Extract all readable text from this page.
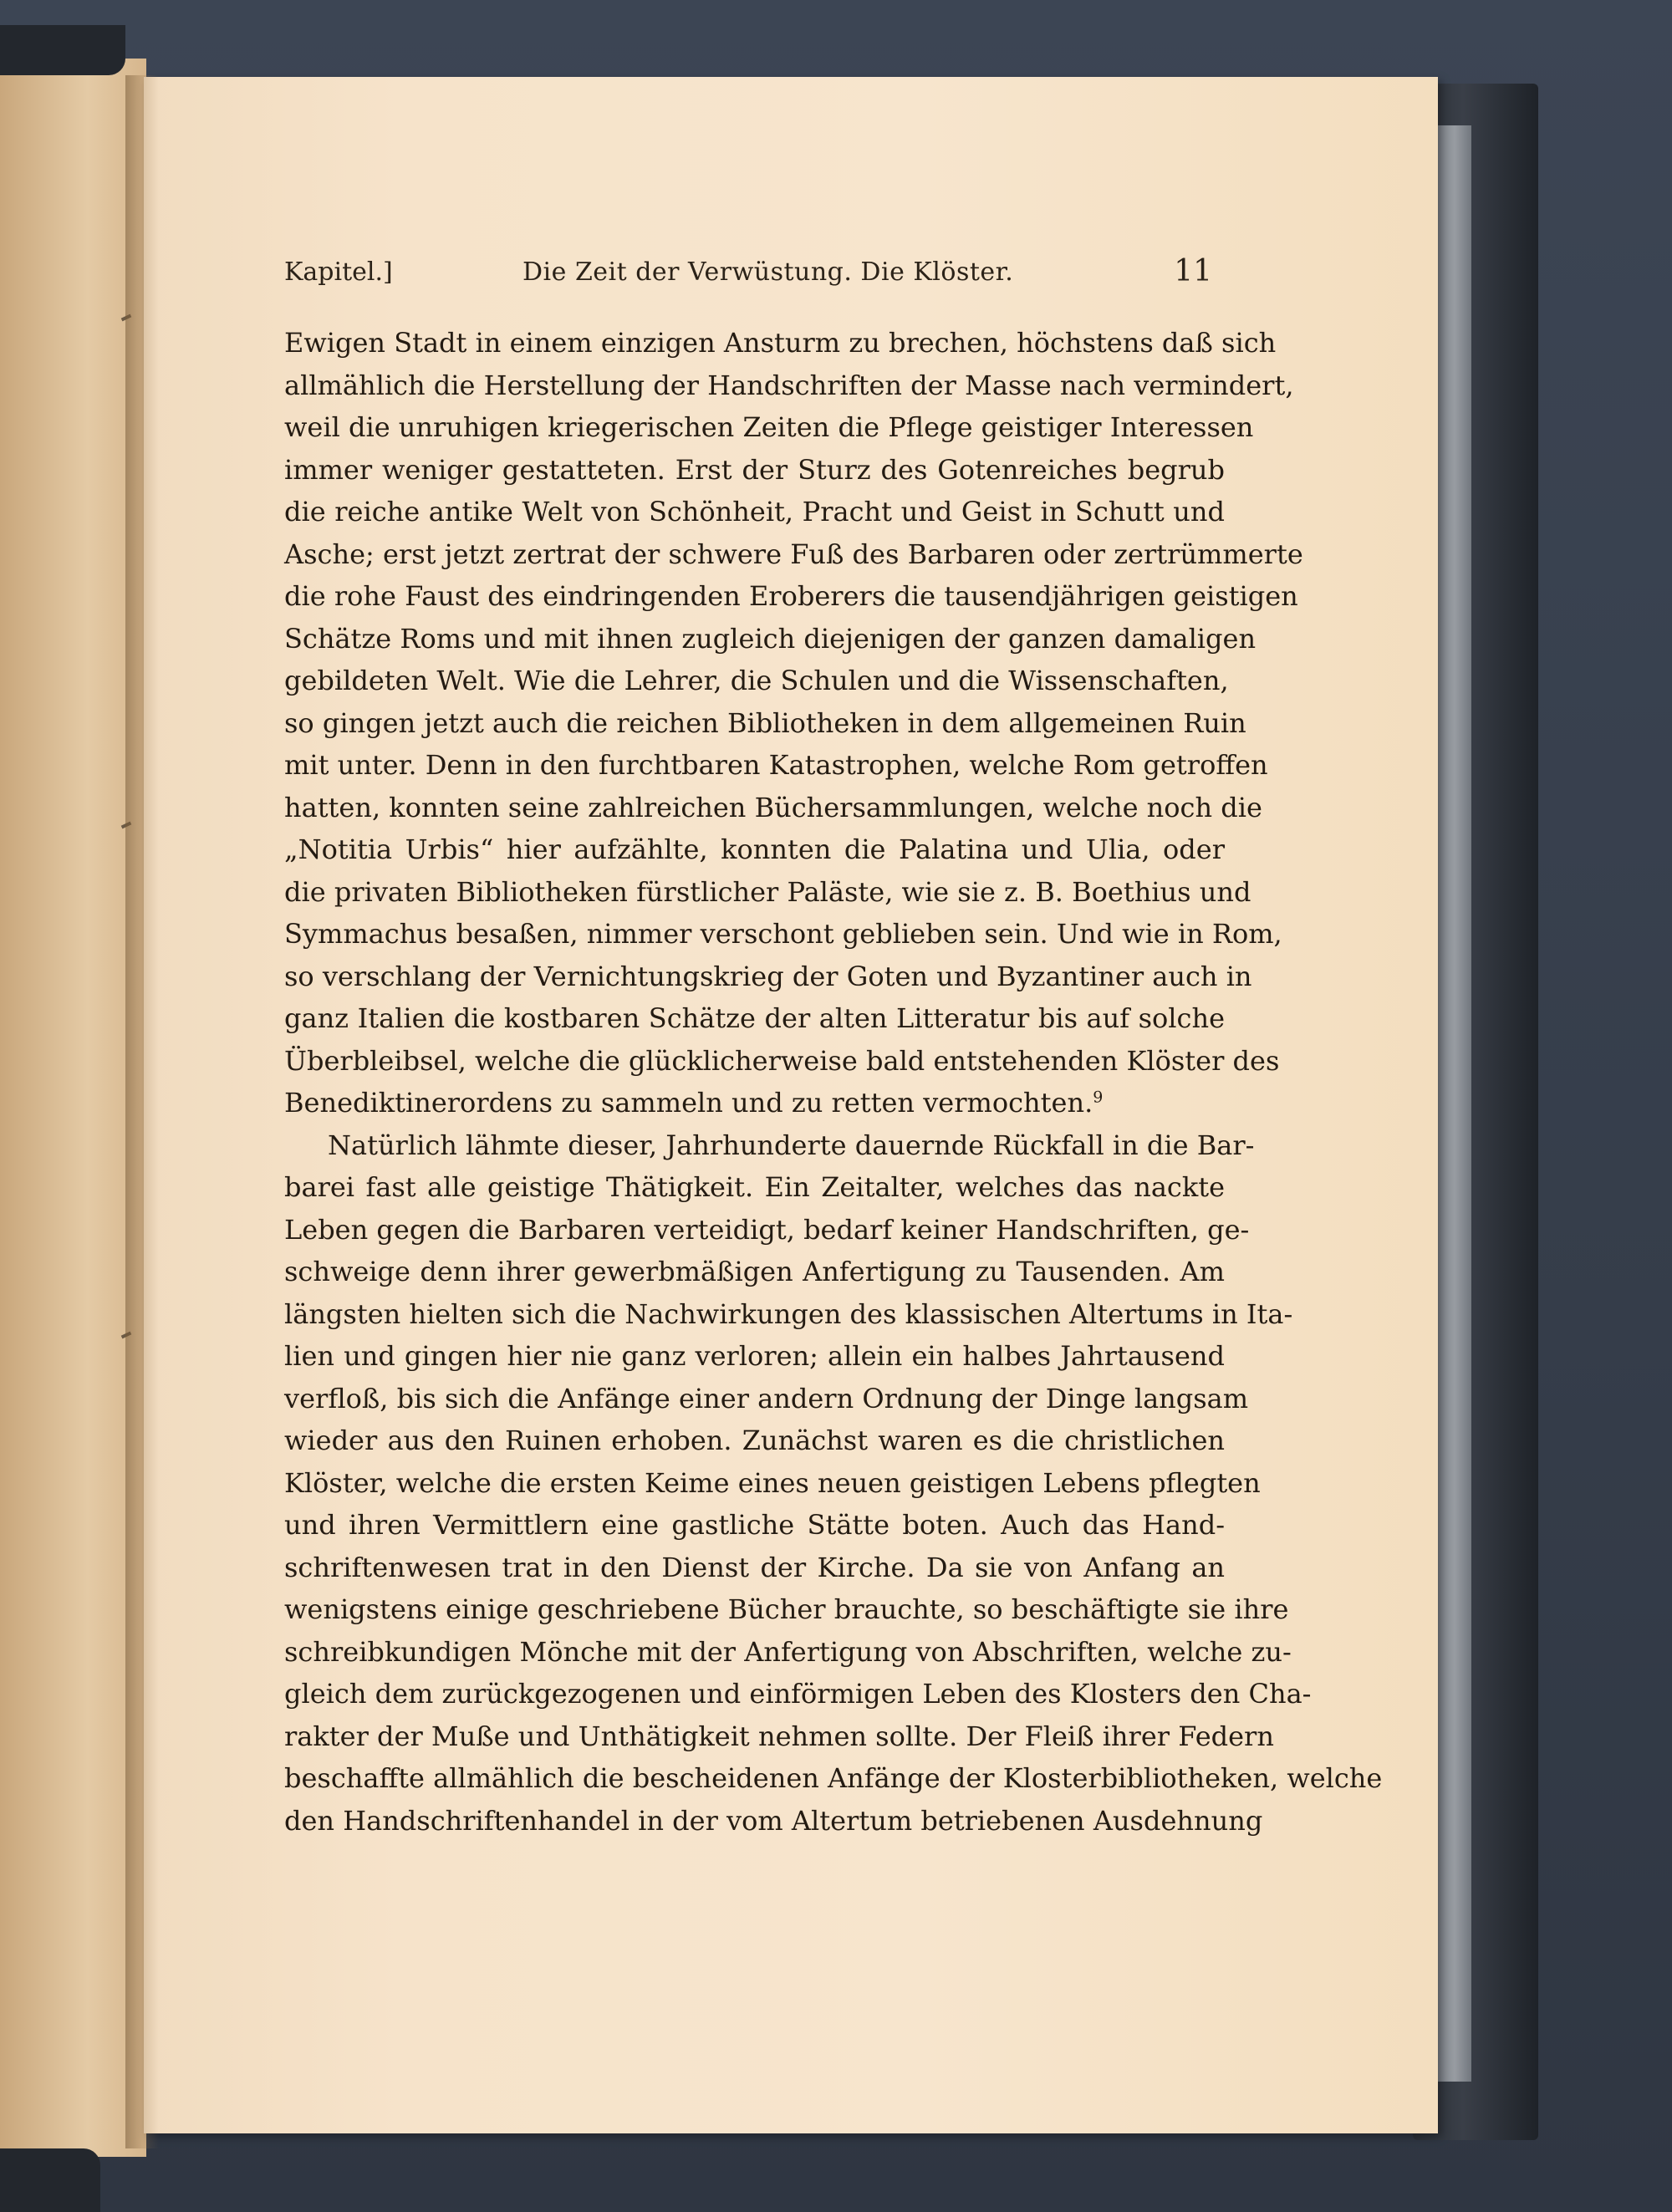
Kapitel.]	Die Zeit der Verwüstung. Die Klöster.	11
Ewigen Stadt in einem einzigen Ansturm zu brechen, höchstens daß sich
allmählich die Herstellung der Handschriften der Masse nach vermindert,
weil die unruhigen kriegerischen Zeiten die Pflege geistiger Interessen
immer weniger gestatteten. Erst der Sturz des Gotenreiches begrub
die reiche antike Welt von Schönheit, Pracht und Geist in Schutt und
Asche; erst jetzt zertrat der schwere Fuß des Barbaren oder zertrümmerte
die rohe Faust des eindringenden Eroberers die tausendjährigen geistigen
Schätze Roms und mit ihnen zugleich diejenigen der ganzen damaligen
gebildeten Welt. Wie die Lehrer, die Schulen und die Wissenschaften,
so gingen jetzt auch die reichen Bibliotheken in dem allgemeinen Ruin
mit unter. Denn in den furchtbaren Katastrophen, welche Rom getroffen
hatten, konnten seine zahlreichen Büchersammlungen, welche noch die
„Notitia Urbis“ hier aufzählte, konnten die Palatina und Ulia, oder
die privaten Bibliotheken fürstlicher Paläste, wie sie z. B. Boethius und
Symmachus besaßen, nimmer verschont geblieben sein. Und wie in Rom,
so verschlang der Vernichtungskrieg der Goten und Byzantiner auch in
ganz Italien die kostbaren Schätze der alten Litteratur bis auf solche
Überbleibsel, welche die glücklicherweise bald entstehenden Klöster des
Benediktinerordens zu sammeln und zu retten vermochten.$^9$
Natürlich lähmte dieser, Jahrhunderte dauernde Rückfall in die Bar-
barei fast alle geistige Thätigkeit. Ein Zeitalter, welches das nackte
Leben gegen die Barbaren verteidigt, bedarf keiner Handschriften, ge-
schweige denn ihrer gewerbmäßigen Anfertigung zu Tausenden. Am
längsten hielten sich die Nachwirkungen des klassischen Altertums in Ita-
lien und gingen hier nie ganz verloren; allein ein halbes Jahrtausend
verfloß, bis sich die Anfänge einer andern Ordnung der Dinge langsam
wieder aus den Ruinen erhoben. Zunächst waren es die christlichen
Klöster, welche die ersten Keime eines neuen geistigen Lebens pflegten
und ihren Vermittlern eine gastliche Stätte boten. Auch das Hand-
schriftenwesen trat in den Dienst der Kirche. Da sie von Anfang an
wenigstens einige geschriebene Bücher brauchte, so beschäftigte sie ihre
schreibkundigen Mönche mit der Anfertigung von Abschriften, welche zu-
gleich dem zurückgezogenen und einförmigen Leben des Klosters den Cha-
rakter der Muße und Unthätigkeit nehmen sollte. Der Fleiß ihrer Federn
beschaffte allmählich die bescheidenen Anfänge der Klosterbibliotheken, welche
den Handschriftenhandel in der vom Altertum betriebenen Ausdehnung
